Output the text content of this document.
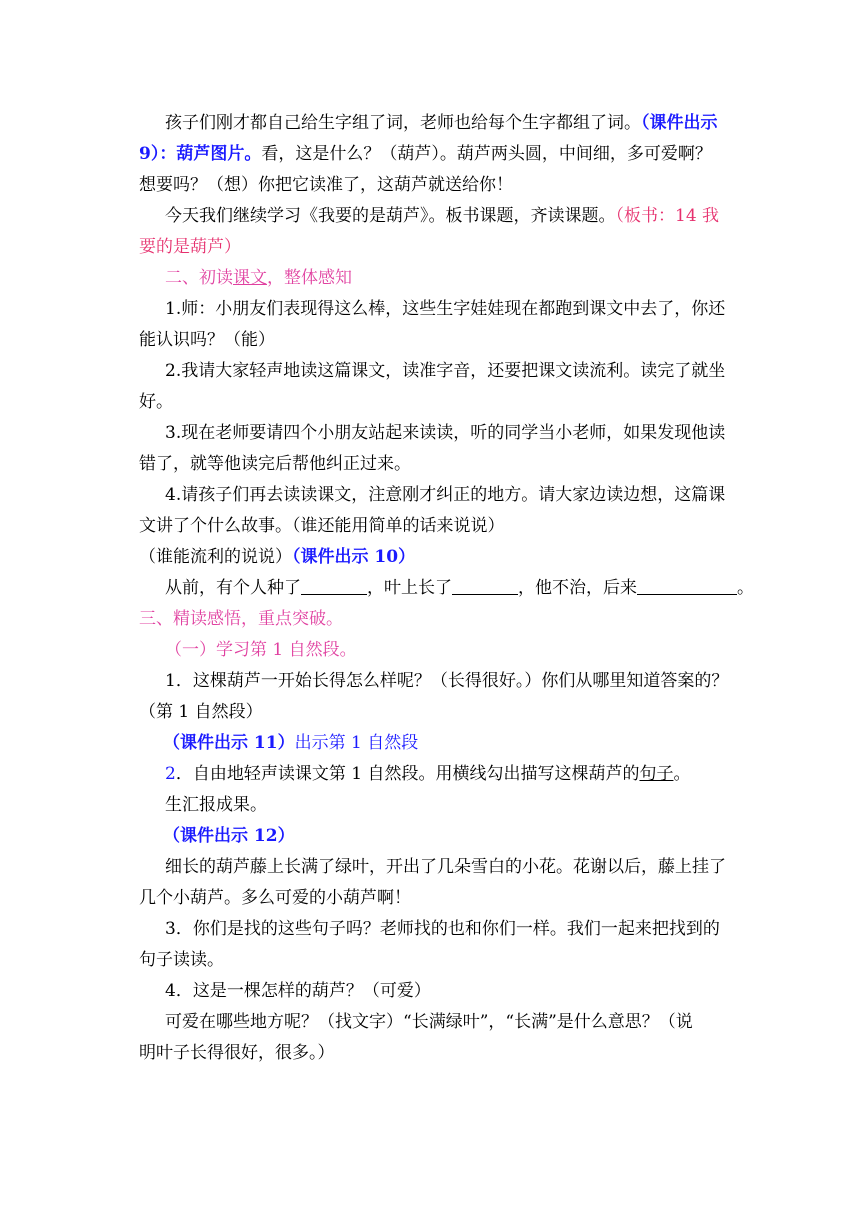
孩子们刚才都自己给生字组了词，老师也给每个生字都组了词。（课件出示
9）：葫芦图片。看，这是什么？（葫芦）。葫芦两头圆，中间细，多可爱啊？
想要吗？（想）你把它读准了，这葫芦就送给你！
今天我们继续学习《我要的是葫芦》。板书课题，齐读课题。（板书：14 我
要的是葫芦）
二、初读课文，整体感知
1.师：小朋友们表现得这么棒，这些生字娃娃现在都跑到课文中去了，你还
能认识吗？（能）
2.我请大家轻声地读这篇课文，读准字音，还要把课文读流利。读完了就坐
好。
3.现在老师要请四个小朋友站起来读读，听的同学当小老师，如果发现他读
错了，就等他读完后帮他纠正过来。
4.请孩子们再去读读课文，注意刚才纠正的地方。请大家边读边想，这篇课
文讲了个什么故事。（谁还能用简单的话来说说）
（谁能流利的说说）（课件出示 10）
从前，有个人种了	，叶上长了	，他不治，后来	。
三、精读感悟，重点突破。
（一）学习第 1 自然段。
1．这棵葫芦一开始长得怎么样呢？（长得很好。）你们从哪里知道答案的？
（第 1 自然段）
（课件出示 11）出示第 1 自然段
2．自由地轻声读课文第 1 自然段。用横线勾出描写这棵葫芦的句子。
生汇报成果。
（课件出示 12）
细长的葫芦藤上长满了绿叶，开出了几朵雪白的小花。花谢以后，藤上挂了
几个小葫芦。多么可爱的小葫芦啊！
3．你们是找的这些句子吗？老师找的也和你们一样。我们一起来把找到的
句子读读。
4．这是一棵怎样的葫芦？（可爱）
可爱在哪些地方呢？（找文字）“长满绿叶”，“长满”是什么意思？（说
明叶子长得很好，很多。）
